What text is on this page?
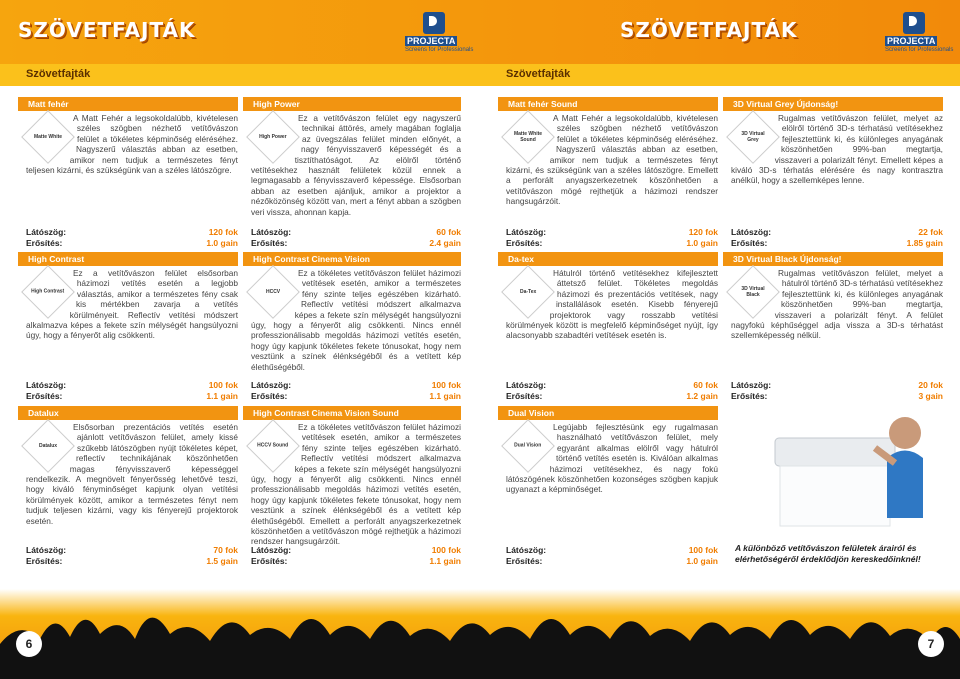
SZÖVETFAJTÁK	SZÖVETFAJTÁK
PROJECTA
Screens for Professionals
PROJECTA
Screens for Professionals
Szövetfajták	Szövetfajták
Matt fehér
Matte White
A Matt Fehér a legsokoldalúbb, kivételesen széles szögben nézhető vetítővászon felület a tökéletes képminőség eléréséhez. Nagyszerű választás abban az esetben, amikor nem tudjuk a természetes fényt teljesen kizárni, és szükségünk van a széles látószögre.
Látószög:
Erősítés:
120 fok
1.0 gain
High Power
High Power
Ez a vetítővászon felület egy nagyszerű technikai áttörés, amely magában foglalja az üvegszálas felület minden előnyét, a nagy fényvisszaverő képességét és a tisztíthatóságot. Az elölről történő vetítésekhez használt felületek közül ennek a legmagasabb a fényvisszaverő képessége. Elsősorban abban az esetben ajánljuk, amikor a projektor a nézőközönség között van, mert a fényt abban a szögben veri vissza, ahonnan kapja.
Látószög:
Erősítés:
60 fok
2.4 gain
Matt fehér Sound
Matte White Sound
A Matt Fehér a legsokoldalúbb, kivételesen széles szögben nézhető vetítővászon felület a tökéletes képminőség eléréséhez. Nagyszerű választás abban az esetben, amikor nem tudjuk a természetes fényt kizárni, és szükségünk van a széles látószögre. Emellett a perforált anyagszerkezetnek köszönhetően a vetítővászon mögé rejthetjük a házimozi rendszer hangsugárzóit.
Látószög:
Erősítés:
120 fok
1.0 gain
3D Virtual Grey Újdonság!
3D Virtual Grey
Rugalmas vetítővászon felület, melyet az elölről történő 3D-s térhatású vetítésekhez fejlesztettünk ki, és különleges anyagának köszönhetően 99%-ban megtartja, visszaveri a polarizált fényt. Emellett képes a kiváló 3D-s térhatás elérésére és nagy kontrasztra anélkül, hogy a szellemképes lenne.
Látószög:
Erősítés:
22 fok
1.85 gain
High Contrast
High Contrast
Ez a vetítővászon felület elsősorban házimozi vetítés esetén a legjobb választás, amikor a természetes fény csak kis mértékben zavarja a vetítés körülményeit. Reflectív vetítési módszert alkalmazva képes a fekete szín mélységét hangsúlyozni úgy, hogy a fényerőt alig csökkenti.
Látószög:
Erősítés:
100 fok
1.1 gain
High Contrast Cinema Vision
HCCV
Ez a tökéletes vetítővászon felület házimozi vetítések esetén, amikor a természetes fény szinte teljes egészében kizárható. Reflectív vetítési módszert alkalmazva képes a fekete szín mélységét hangsúlyozni úgy, hogy a fényerőt alig csökkenti. Nincs ennél professzionálisabb megoldás házimozi vetítés esetén, hogy úgy kapjunk tökéletes fekete tónusokat, hogy nem vesztünk a színek élénkségéből és a vetített kép élethűségéből.
Látószög:
Erősítés:
100 fok
1.1 gain
Da-tex
Da-Tex
Hátulról történő vetítésekhez kifejlesztett áttetsző felület. Tökéletes megoldás házimozi és prezentációs vetítések, nagy installálások esetén. Kisebb fényerejű projektorok vagy rosszabb vetítési körülmények között is megfelelő képminőséget nyújt, így alacsonyabb szabadtéri vetítések esetén is.
Látószög:
Erősítés:
60 fok
1.2 gain
3D Virtual Black Újdonság!
3D Virtual Black
Rugalmas vetítővászon felület, melyet a hátulról történő 3D-s térhatású vetítésekhez fejlesztettünk ki, és különleges anyagának köszönhetően 99%-ban megtartja, visszaveri a polarizált fényt. A felület nagyfokú képhűséggel adja vissza a 3D-s térhatást szellemképesség nélkül.
Látószög:
Erősítés:
20 fok
3 gain
Datalux
Datalux
Elsősorban prezentációs vetítés esetén ajánlott vetítővászon felület, amely kissé szűkebb látószögben nyújt tökéletes képet, reflectív technikájának köszönhetően magas fényvisszaverő képességgel rendelkezik. A megnövelt fényerősség lehetővé teszi, hogy kiváló fényminőséget kapjunk olyan vetítési körülmények között, amikor a természetes fényt nem tudjuk teljesen kizárni, vagy kis fényerejű projektorok esetén.
Látószög:
Erősítés:
70 fok
1.5 gain
High Contrast Cinema Vision Sound
HCCV Sound
Ez a tökéletes vetítővászon felület házimozi vetítések esetén, amikor a természetes fény szinte teljes egészében kizárható. Reflectív vetítési módszert alkalmazva képes a fekete szín mélységét hangsúlyozni úgy, hogy a fényerőt alig csökkenti. Nincs ennél professzionálisabb megoldás házimozi vetítés esetén, hogy úgy kapjunk tökéletes fekete tónusokat, hogy nem vesztünk a színek élénkségéből és a vetített kép élethűségéből. Emellett a perforált anyagszerkezetnek köszönhetően a vetítővászon mögé rejthetjük a házimozi rendszer hangsugárzóit.
Látószög:
Erősítés:
100 fok
1.1 gain
Dual Vision
Dual Vision
Legújabb fejlesztésünk egy rugalmasan használható vetítővászon felület, mely egyaránt alkalmas elölről vagy hátulról történő vetítés esetén is. Kiválóan alkalmas házimozi vetítésekhez, és nagy fokú látószögének köszönhetően kozonséges szögben kapjuk ugyanazt a képminőséget.
Látószög:
Erősítés:
100 fok
1.0 gain
A különböző vetítővászon felületek árairól és elérhetőségéről érdeklődjön kereskedőinknél!
6	7
